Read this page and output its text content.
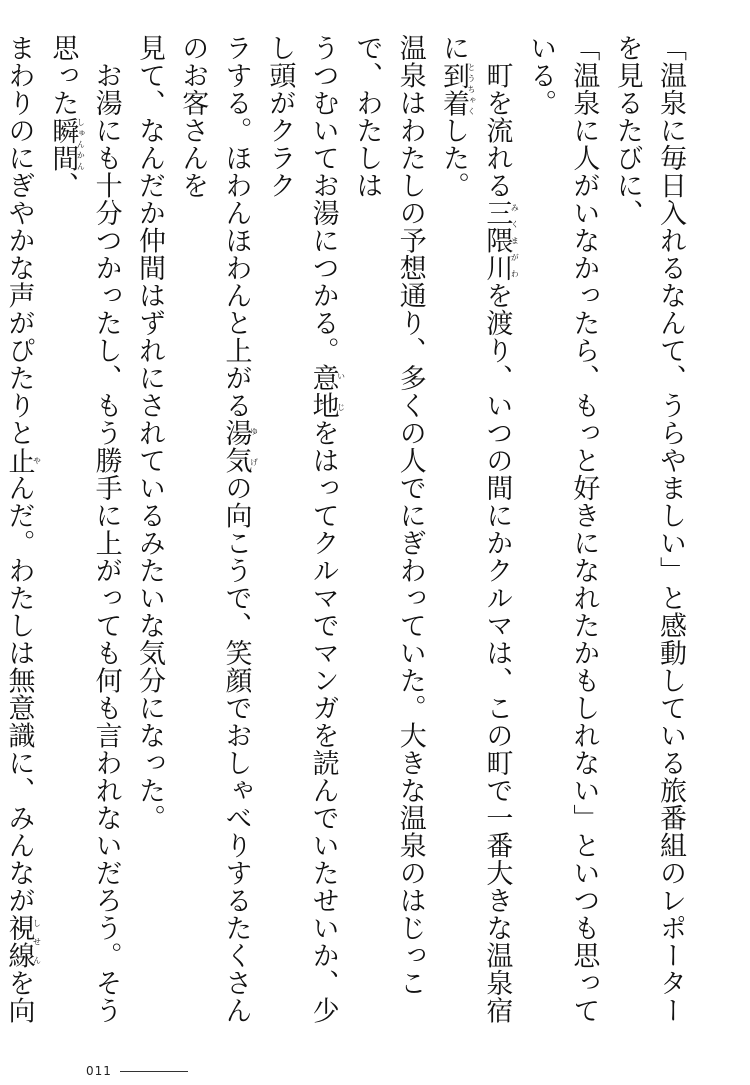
「温泉に毎日入れるなんて、うらやましい」と感動している旅番組のレポーターを見るたびに、
「温泉に人がいなかったら、もっと好きになれたかもしれない」といつも思っている。
　町を流れる三隈川みくまがわを渡り、いつの間にかクルマは、この町で一番大きな温泉宿に到着とうちゃくした。
温泉はわたしの予想通り、多くの人でにぎわっていた。大きな温泉のはじっこで、わたしは
うつむいてお湯につかる。意地いじをはってクルマでマンガを読んでいたせいか、少し頭がクラク
ラする。ほわんほわんと上がる湯気ゆげの向こうで、笑顔でおしゃべりするたくさんのお客さんを
見て、なんだか仲間はずれにされているみたいな気分になった。
　お湯にも十分つかったし、もう勝手に上がっても何も言われないだろう。そう思った瞬間しゅんかん、
まわりのにぎやかな声がぴたりと止やんだ。わたしは無意識に、みんなが視線しせんを向
011
